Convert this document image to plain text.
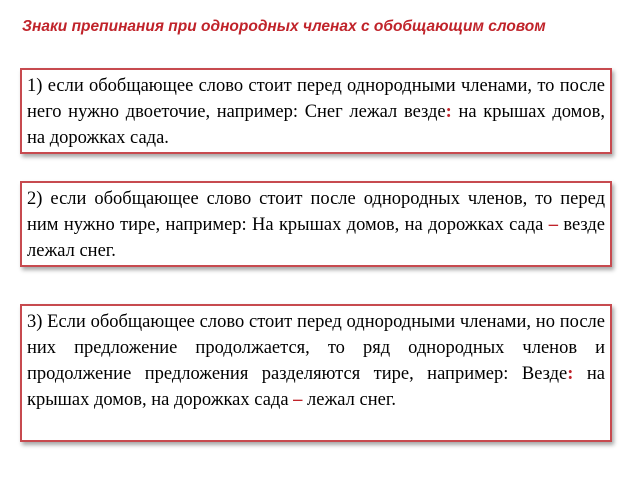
Знаки препинания при однородных членах с обобщающим словом
1) если обобщающее слово стоит перед однородными членами, то после него нужно двоеточие, например: Снег лежал везде: на крышах домов, на дорожках сада.
2) если обобщающее слово стоит после однородных членов, то перед ним нужно тире, например: На крышах домов, на дорожках сада – везде лежал снег.
3) Если обобщающее слово стоит перед однородными членами, но после них предложение продолжается, то ряд однородных членов и продолжение предложения разделяются тире, например: Везде: на крышах домов, на дорожках сада – лежал снег.
